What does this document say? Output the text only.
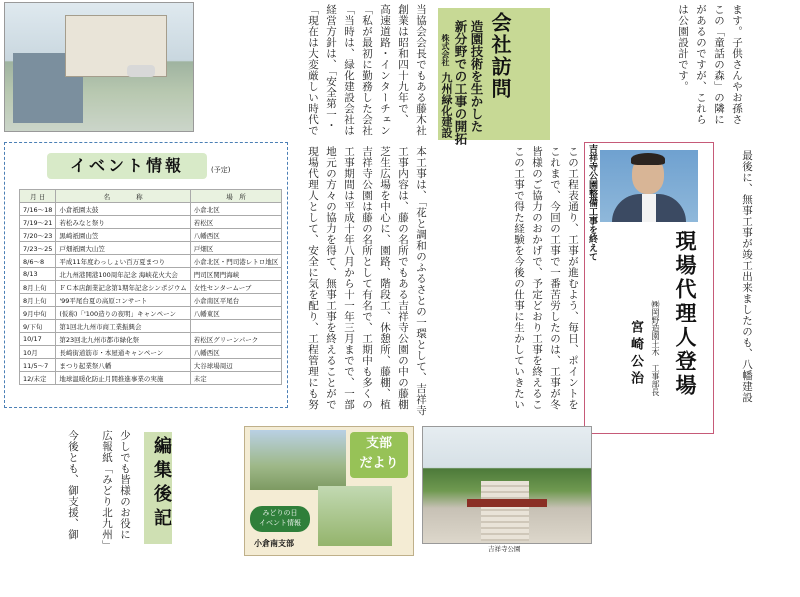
ます。子供さんやお孫さ
この「童話の森」の隣に
があるのですが、これら
は公園設計です。
会社訪問
造園技術を生かした
新分野での工事の開拓
株式会社
九州緑化建設
当協会会長でもある藤木社
創業は昭和四十九年で、
高速道路・インターチェン
「私が最初に勤務した会社
「当時は、緑化建設会社は
経営方針は、「安全第一・
「現在は大変厳しい時代で
本工事は、「花と調和のふるさとの一環として、吉祥寺
工事内容は、藤の名所でもある吉祥寺公園の中の藤棚
芝生広場を中心に、園路、階段工、休憩所、藤棚、植
吉祥寺公園は藤の名所として有名で、工期中も多くの
工事期間は平成十年八月から十一年三月までで、一部
地元の方々の協力を得て、無事工事を終えることがで
現場代理人として、安全に気を配り、工程管理にも努
この工程表通り、工事が進むよう、毎日、ポイントを
これまで、今回の工事で一番苦労したのは、工事が冬
皆様のご協力のおかげで、予定どおり工事を終えるこ
この工事で得た経験を今後の仕事に生かしていきたい
イベント情報	(予定)
月 日	名　　　　称	場　所
7/16〜18	小倉祇園太鼓	小倉北区
7/19〜21	若松みなと祭り	若松区
7/20〜23	黒崎祇園山笠	八幡西区
7/23〜25	戸畑祇園大山笠	戸畑区
8/6〜8	平成11年度わっしょい百万夏まつり	小倉北区・門司港レトロ地区
8/13	北九州港開港100周年記念 海峡花火大会	門司区関門海峡
8月上旬	ＦＣ本店創業記念第1期年記念シンポジウム	女性センタームーブ
8月上旬	'99平尾台夏の高原コンサート	小倉南区平尾台
9月中旬	(仮称)「'100造りの夜明」キャンペーン	八幡東区
9/下旬	第1回北九州市商工業振興会	
10/17	第23回北九州市都市緑化祭	若松区グリーンパーク
10月	長崎街道筋市・本屋通キャンペーン	八幡西区
11/5〜7	まつり起業祭八幡	大谷球場周辺
12/未定	地球温暖化防止月間推進事業の実施	未定
吉祥寺公園整備工事を終えて
現場代理人登場
㈱岡野造園土木　工事部長
宮崎公治
最後に、無事工事が竣工出来ましたのも、八幡建設
今後とも、御支援、御
広報紙「みどり北九州」
少しでも皆様のお役に
編集後記	支部
だより
みどりの日
イベント情報
小倉南支部
吉祥寺公園
